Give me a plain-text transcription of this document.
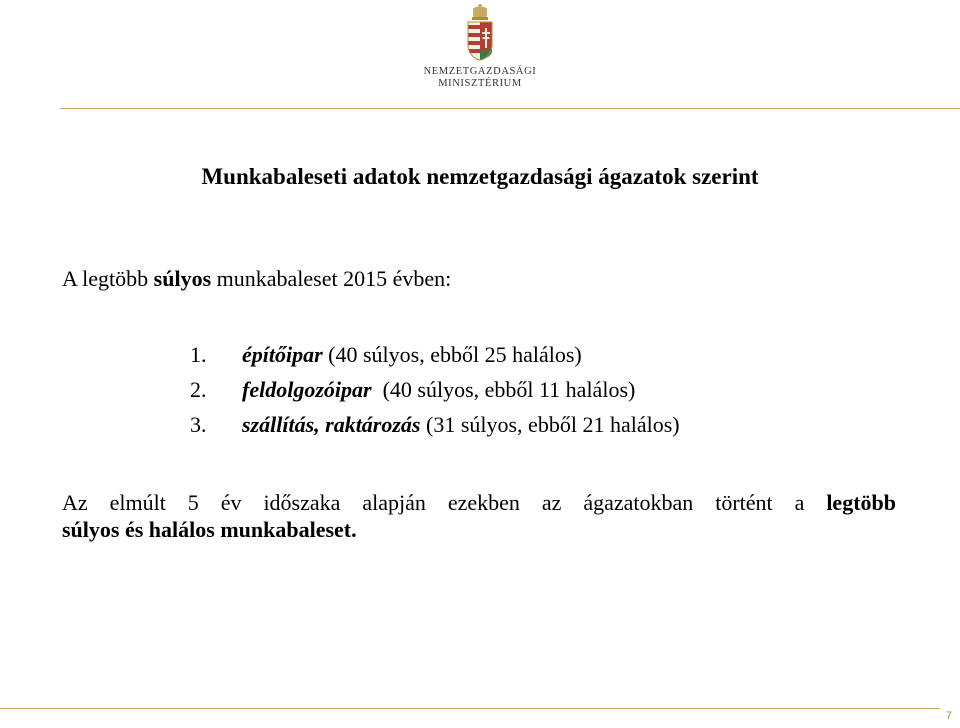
NEMZETGAZDASÁGI
MINISZTÉRIUM
Munkabaleseti adatok nemzetgazdasági ágazatok szerint
A legtöbb súlyos munkabaleset 2015 évben:
1. építőipar (40 súlyos, ebből 25 halálos)
2. feldolgozóipar  (40 súlyos, ebből 11 halálos)
3. szállítás, raktározás (31 súlyos, ebből 21 halálos)
Az elmúlt 5 év időszaka alapján ezekben az ágazatokban történt a legtöbb
súlyos és halálos munkabaleset.
7
